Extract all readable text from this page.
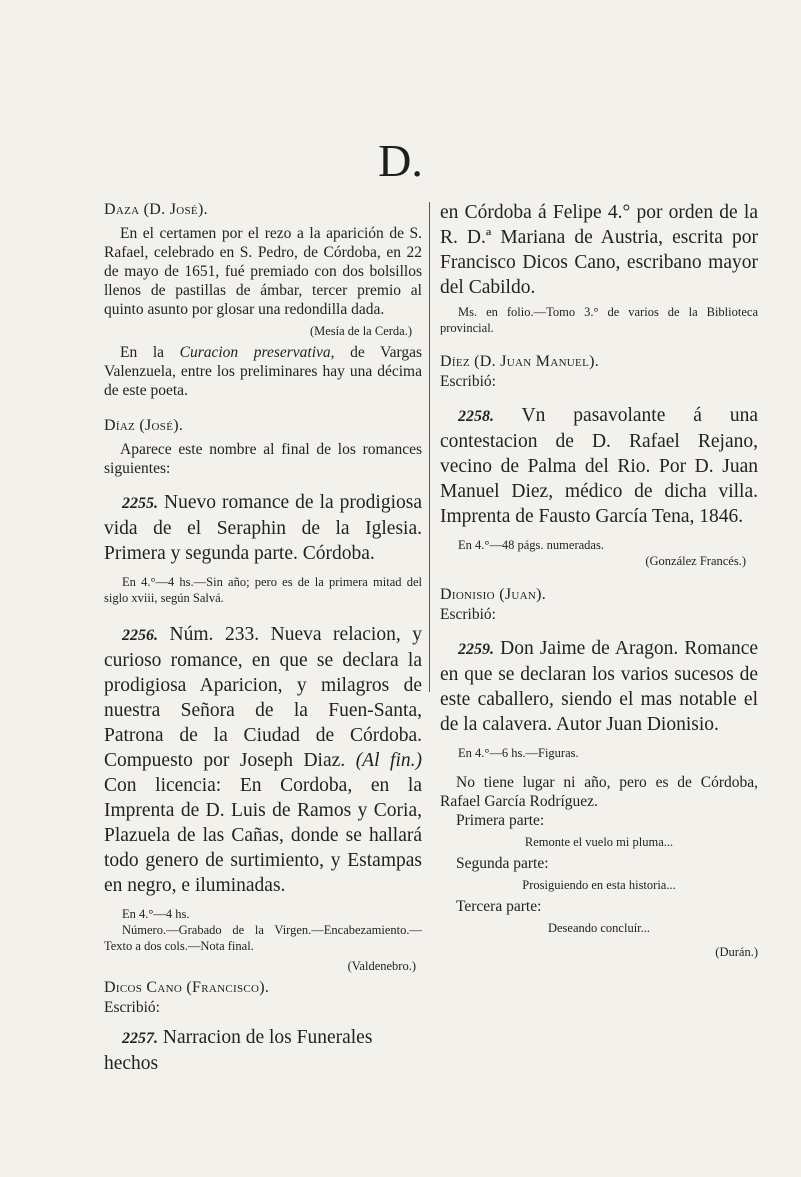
D.

Daza (D. José).

En el certamen por el rezo a la aparición de S. Rafael, celebrado en S. Pedro, de Córdoba, en 22 de mayo de 1651, fué premiado con dos bolsillos llenos de pastillas de ámbar, tercer premio al quinto asunto por glosar una redondilla dada.

(Mesía de la Cerda.)

En la Curacion preservativa, de Vargas Valenzuela, entre los preliminares hay una décima de este poeta.

Díaz (José).

Aparece este nombre al final de los romances siguientes:

2255. Nuevo romance de la prodigiosa vida de el Seraphin de la Iglesia. Primera y segunda parte. Córdoba.

En 4.°—4 hs.—Sin año; pero es de la primera mitad del siglo xviii, según Salvá.

2256. Núm. 233. Nueva relacion, y curioso romance, en que se declara la prodigiosa Aparicion, y milagros de nuestra Señora de la Fuen-Santa, Patrona de la Ciudad de Córdoba. Compuesto por Joseph Diaz. (Al fin.) Con licencia: En Cordoba, en la Imprenta de D. Luis de Ramos y Coria, Plazuela de las Cañas, donde se hallará todo genero de surtimiento, y Estampas en negro, e iluminadas.

En 4.°—4 hs.

Número.—Grabado de la Virgen.—Encabezamiento.—Texto a dos cols.—Nota final.

(Valdenebro.)

Dicos Cano (Francisco).

Escribió:

2257. Narracion de los Funerales hechos

en Córdoba á Felipe 4.° por orden de la R. D.ª Mariana de Austria, escrita por Francisco Dicos Cano, escribano mayor del Cabildo.

Ms. en folio.—Tomo 3.° de varios de la Biblioteca provincial.

Díez (D. Juan Manuel).

Escribió:

2258. Vn pasavolante á una contestacion de D. Rafael Rejano, vecino de Palma del Rio. Por D. Juan Manuel Diez, médico de dicha villa. Imprenta de Fausto García Tena, 1846.

En 4.°—48 págs. numeradas.

(González Francés.)

Dionisio (Juan).

Escribió:

2259. Don Jaime de Aragon. Romance en que se declaran los varios sucesos de este caballero, siendo el mas notable el de la calavera. Autor Juan Dionisio.

En 4.°—6 hs.—Figuras.

No tiene lugar ni año, pero es de Córdoba, Rafael García Rodríguez.

Primera parte:

Remonte el vuelo mi pluma...

Segunda parte:

Prosiguiendo en esta historia...

Tercera parte:

Deseando concluír...

(Durán.)
